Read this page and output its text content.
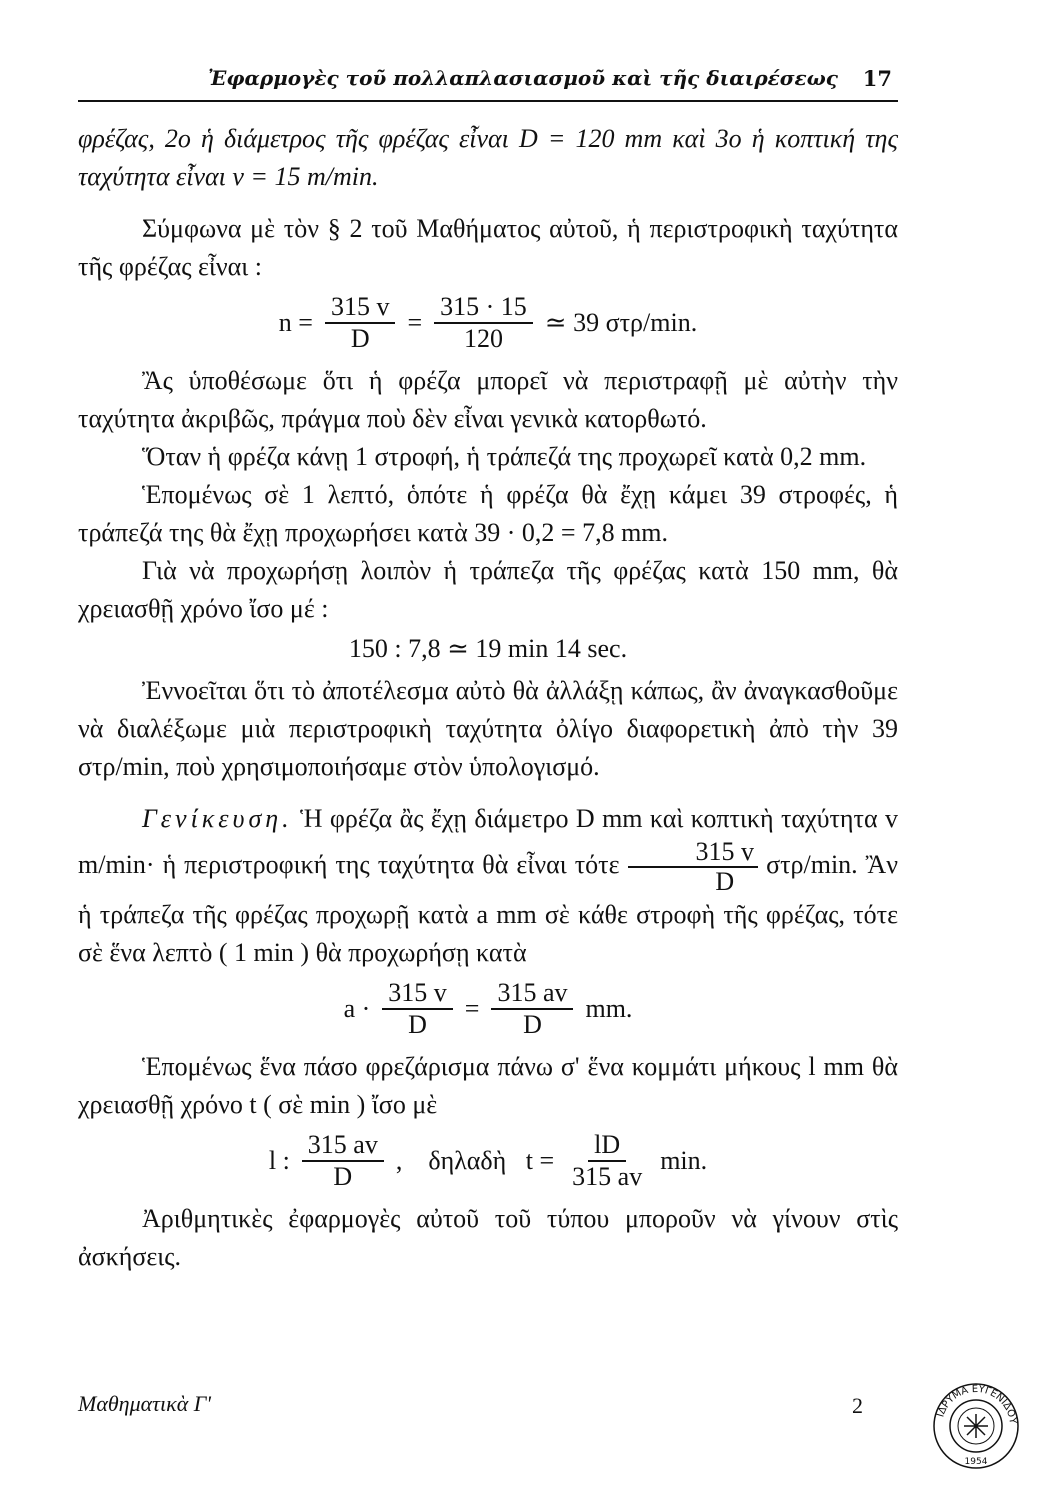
Ἐφαρμογὲς τοῦ πολλαπλασιασμοῦ καὶ τῆς διαιρέσεως 17

φρέζας, 2ο ἡ διάμετρος τῆς φρέζας εἶναι D = 120 mm καὶ 3ο ἡ κοπτική της ταχύτητα εἶναι v = 15 m/min.

Σύμφωνα μὲ τὸν § 2 τοῦ Μαθήματος αὐτοῦ, ἡ περιστροφικὴ ταχύτητα τῆς φρέζας εἶναι :

$n = \frac{315 v}{D} = \frac{315 \cdot 15}{120}$ ≃ 39 στρ/min.

Ἂς ὑποθέσωμε ὅτι ἡ φρέζα μπορεῖ νὰ περιστραφῇ μὲ αὐτὴν τὴν ταχύτητα ἀκριβῶς, πράγμα ποὺ δὲν εἶναι γενικὰ κατορθωτό.

Ὅταν ἡ φρέζα κάνῃ 1 στροφή, ἡ τράπεζά της προχωρεῖ κατὰ 0,2 mm.

Ἑπομένως σὲ 1 λεπτό, ὁπότε ἡ φρέζα θὰ ἔχῃ κάμει 39 στροφές, ἡ τράπεζά της θὰ ἔχῃ προχωρήσει κατὰ 39 · 0,2 = 7,8 mm.

Γιὰ νὰ προχωρήσῃ λοιπὸν ἡ τράπεζα τῆς φρέζας κατὰ 150 mm, θὰ χρειασθῇ χρόνο ἴσο μέ :

150 : 7,8 ≃ 19 min 14 sec.

Ἐννοεῖται ὅτι τὸ ἀποτέλεσμα αὐτὸ θὰ ἀλλάξῃ κάπως, ἂν ἀναγκασθοῦμε νὰ διαλέξωμε μιὰ περιστροφικὴ ταχύτητα ὀλίγο διαφορετικὴ ἀπὸ τὴν 39 στρ/min, ποὺ χρησιμοποιήσαμε στὸν ὑπολογισμό.

Γενίκευση. Ἡ φρέζα ἂς ἔχῃ διάμετρο D mm καὶ κοπτικὴ ταχύτητα v m/min· ἡ περιστροφική της ταχύτητα θὰ εἶναι τότε $\frac{315 v}{D} \sigma\tau\rho/\min$. Ἂν ἡ τράπεζα τῆς φρέζας προχωρῇ κατὰ a mm σὲ κάθε στροφὴ τῆς φρέζας, τότε σὲ ἕνα λεπτὸ ( 1 min ) θὰ προχωρήσῃ κατὰ

$a \cdot \frac{315 v}{D} = \frac{315 av}{D}$ mm.

Ἑπομένως ἕνα πάσο φρεζάρισμα πάνω σ' ἕνα κομμάτι μήκους l mm θὰ χρειασθῇ χρόνο t ( σὲ min ) ἴσο μὲ

l : $\frac{315 av}{D}$ ,    δηλαδὴ   $t = \frac{lD}{315 av} \min$.

Ἀριθμητικὲς ἐφαρμογὲς αὐτοῦ τοῦ τύπου μποροῦν νὰ γίνουν στὶς ἀσκήσεις.

Μαθηματικὰ Γ'	2	ΙΔΡΥΜΑ ΕΥΓΕΝΙΔΟΥ
1954
